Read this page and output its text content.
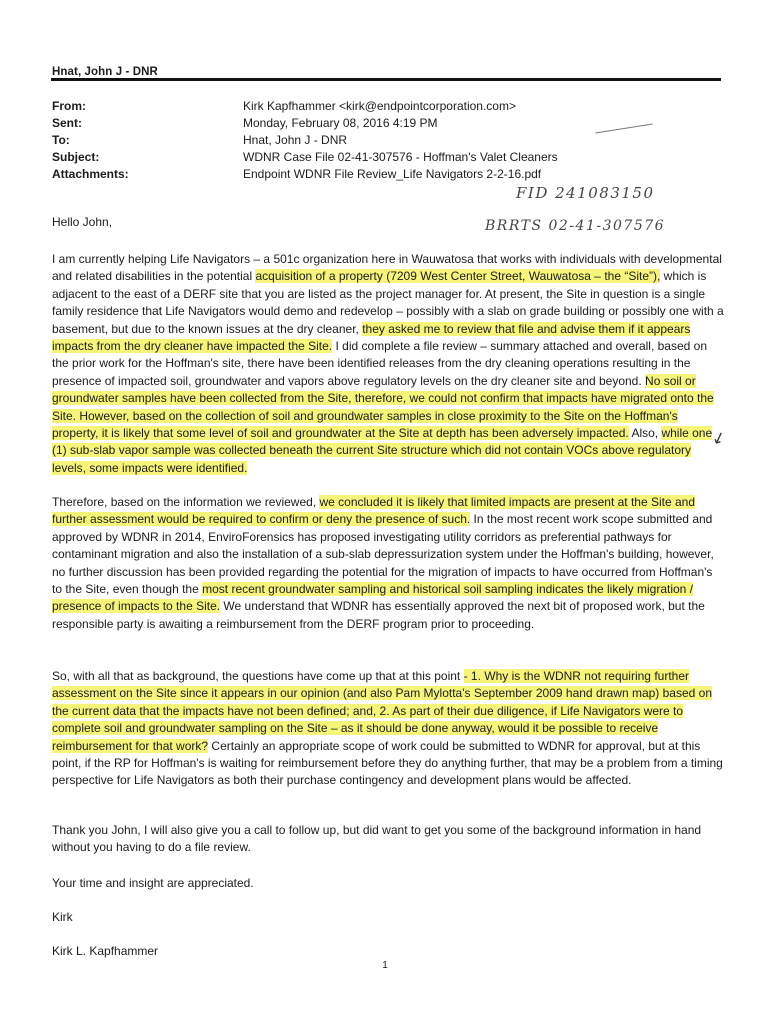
Hnat, John J - DNR
From:	Kirk Kapfhammer <kirk@endpointcorporation.com>
Sent:	Monday, February 08, 2016 4:19 PM
To:	Hnat, John J - DNR
Subject:	WDNR Case File 02-41-307576 - Hoffman's Valet Cleaners
Attachments:	Endpoint WDNR File Review_Life Navigators 2-2-16.pdf
FID 241083150
BRRTS 02-41-307576
Hello John,

I am currently helping Life Navigators – a 501c organization here in Wauwatosa that works with individuals with developmental and related disabilities in the potential acquisition of a property (7209 West Center Street, Wauwatosa – the “Site”), which is adjacent to the east of a DERF site that you are listed as the project manager for. At present, the Site in question is a single family residence that Life Navigators would demo and redevelop – possibly with a slab on grade building or possibly one with a basement, but due to the known issues at the dry cleaner, they asked me to review that file and advise them if it appears impacts from the dry cleaner have impacted the Site. I did complete a file review – summary attached and overall, based on the prior work for the Hoffman's site, there have been identified releases from the dry cleaning operations resulting in the presence of impacted soil, groundwater and vapors above regulatory levels on the dry cleaner site and beyond. No soil or groundwater samples have been collected from the Site, therefore, we could not confirm that impacts have migrated onto the Site. However, based on the collection of soil and groundwater samples in close proximity to the Site on the Hoffman's property, it is likely that some level of soil and groundwater at the Site at depth has been adversely impacted. Also, while one (1) sub-slab vapor sample was collected beneath the current Site structure which did not contain VOCs above regulatory levels, some impacts were identified.

↙

Therefore, based on the information we reviewed, we concluded it is likely that limited impacts are present at the Site and further assessment would be required to confirm or deny the presence of such. In the most recent work scope submitted and approved by WDNR in 2014, EnviroForensics has proposed investigating utility corridors as preferential pathways for contaminant migration and also the installation of a sub-slab depressurization system under the Hoffman's building, however, no further discussion has been provided regarding the potential for the migration of impacts to have occurred from Hoffman's to the Site, even though the most recent groundwater sampling and historical soil sampling indicates the likely migration / presence of impacts to the Site. We understand that WDNR has essentially approved the next bit of proposed work, but the responsible party is awaiting a reimbursement from the DERF program prior to proceeding.

So, with all that as background, the questions have come up that at this point - 1. Why is the WDNR not requiring further assessment on the Site since it appears in our opinion (and also Pam Mylotta's September 2009 hand drawn map) based on the current data that the impacts have not been defined; and, 2. As part of their due diligence, if Life Navigators were to complete soil and groundwater sampling on the Site – as it should be done anyway, would it be possible to receive reimbursement for that work? Certainly an appropriate scope of work could be submitted to WDNR for approval, but at this point, if the RP for Hoffman's is waiting for reimbursement before they do anything further, that may be a problem from a timing perspective for Life Navigators as both their purchase contingency and development plans would be affected.

Thank you John, I will also give you a call to follow up, but did want to get you some of the background information in hand without you having to do a file review.

Your time and insight are appreciated.
Kirk
Kirk L. Kapfhammer
1
